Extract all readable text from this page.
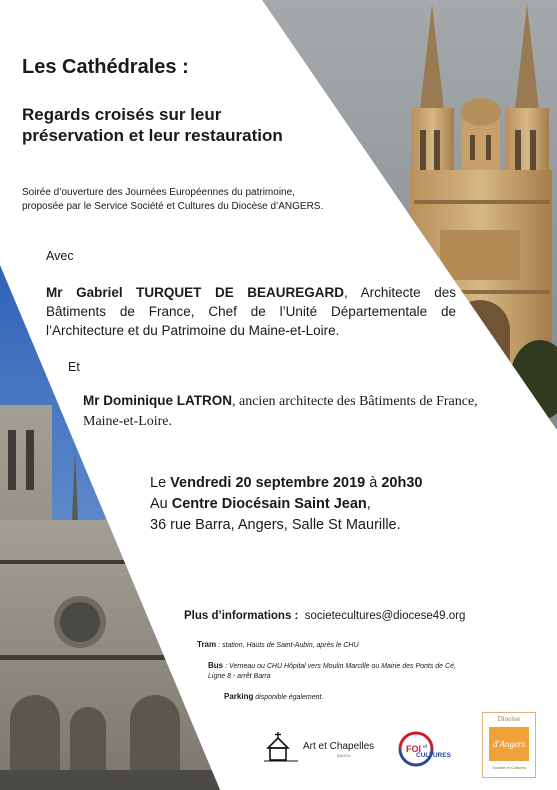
Les Cathédrales :
Regards croisés sur leur
préservation et leur restauration
Soirée d’ouverture des Journées Européennes du patrimoine,
proposée par le Service Société et Cultures du Diocèse d’ANGERS.
Avec
Mr Gabriel TURQUET DE BEAUREGARD, Architecte des Bâtiments de France, Chef de l’Unité Départementale de l’Architecture et du Patrimoine du Maine-et-Loire.
Et
Mr Dominique LATRON, ancien architecte des Bâtiments de France, Maine-et-Loire.
Le Vendredi 20 septembre 2019 à 20h30
Au Centre Diocésain Saint Jean,
36 rue Barra, Angers, Salle St Maurille.
Plus d’informations : societecultures@diocese49.org
Tram : station, Hauts de Saint-Aubin, après le CHU
Bus : Verneau ou CHU Hôpital vers Moulin Marcille ou Mairie des Ponts de Cé,
Ligne 8 - arrêt Barra
Parking disponible également.
Art et Chapelles
ANJOU
FOI et
CULTURES
Diocèse
d'Angers
Société et Cultures
